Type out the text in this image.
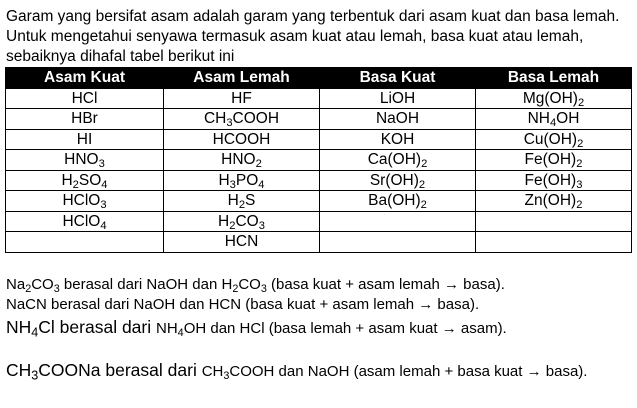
Garam yang bersifat asam adalah garam yang terbentuk dari asam kuat dan basa lemah. Untuk mengetahui senyawa termasuk asam kuat atau lemah, basa kuat atau lemah, sebaiknya dihafal tabel berikut ini
Asam Kuat	Asam Lemah	Basa Kuat	Basa Lemah
HCl	HF	LiOH	$Mg(OH)_2$
HBr	$CH_3COOH$	NaOH	$NH_4OH$
HI	HCOOH	KOH	$Cu(OH)_2$
$HNO_3$	$HNO_2$	$Ca(OH)_2$	$Fe(OH)_2$
$H_2SO_4$	$H_3PO_4$	$Sr(OH)_2$	$Fe(OH)_3$
HClO$_3$	$H_2S$	$Ba(OH)_2$	$Zn(OH)_2$
HClO$_4$	$H_2CO_3$		
	HCN		
$Na_2CO_3$ berasal dari NaOH dan $H_2CO_3$ (basa kuat + asam lemah → basa).
NaCN berasal dari NaOH dan HCN (basa kuat + asam lemah → basa).
$NH_4Cl$ berasal dari $NH_4OH$ dan HCl (basa lemah + asam kuat → asam).
$CH_3COONa$ berasal dari $CH_3COOH$ dan NaOH (asam lemah + basa kuat → basa).
